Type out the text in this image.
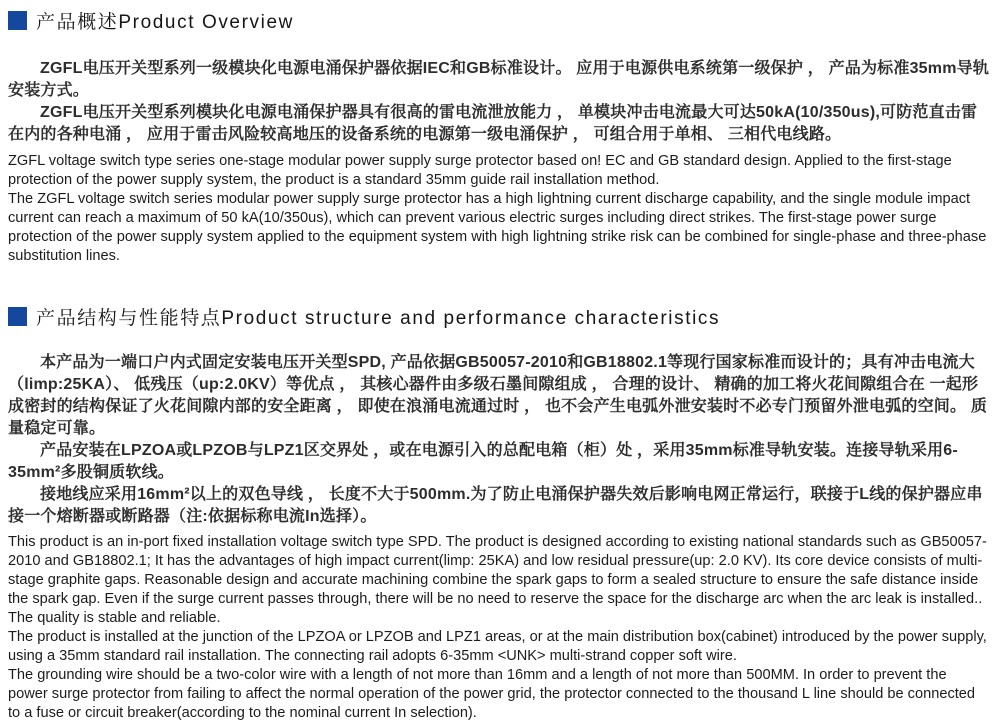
产品概述Product Overview

ZGFL电压开关型系列一级模块化电源电涌保护器依据IEC和GB标准设计。 应用于电源供电系统第一级保护 ， 产品为标准35mm导轨安装方式。

ZGFL电压开关型系列模块化电源电涌保护器具有很高的雷电流泄放能力 ， 单模块冲击电流最大可达50kA(10/350us),可防范直击雷在内的各种电涌 ， 应用于雷击风险较高地压的设备系统的电源第一级电涌保护 ， 可组合用于单相、 三相代电线路。

ZGFL voltage switch type series one-stage modular power supply surge protector based on! EC and GB standard design. Applied to the first-stage protection of the power supply system, the product is a standard 35mm guide rail installation method.

The ZGFL voltage switch series modular power supply surge protector has a high lightning current discharge capability, and the single module impact current can reach a maximum of 50 kA(10/350us), which can prevent various electric surges including direct strikes. The first-stage power surge protection of the power supply system applied to the equipment system with high lightning strike risk can be combined for single-phase and three-phase substitution lines.

产品结构与性能特点Product structure and performance characteristics

本产品为一端口户内式固定安装电压开关型SPD, 产品依据GB50057-2010和GB18802.1等现行国家标准而设计的；具有冲击电流大（limp:25KA）、 低残压（up:2.0KV）等优点 ， 其核心器件由多级石墨间隙组成 ， 合理的设计、 精确的加工将火花间隙组合在 一起形成密封的结构保证了火花间隙内部的安全距离 ， 即使在浪涌电流通过时 ， 也不会产生电弧外泄安装时不必专门预留外泄电弧的空间。 质量稳定可靠。

产品安装在LPZOA或LPZOB与LPZ1区交界处 ，或在电源引入的总配电箱（柜）处 ，采用35mm标准导轨安装。连接导轨采用6-35mm²多股铜质软线。

接地线应采用16mm²以上的双色导线 ， 长度不大于500mm.为了防止电涌保护器失效后影响电网正常运行，联接于L线的保护器应串接一个熔断器或断路器（注:依据标称电流In选择）。

This product is an in-port fixed installation voltage switch type SPD. The product is designed according to existing national standards such as GB50057-2010 and GB18802.1; It has the advantages of high impact current(limp: 25KA) and low residual pressure(up: 2.0 KV). Its core device consists of multi-stage graphite gaps. Reasonable design and accurate machining combine the spark gaps to form a sealed structure to ensure the safe distance inside the spark gap. Even if the surge current passes through, there will be no need to reserve the space for the discharge arc when the arc leak is installed.. The quality is stable and reliable.

The product is installed at the junction of the LPZOA or LPZOB and LPZ1 areas, or at the main distribution box(cabinet) introduced by the power supply, using a 35mm standard rail installation. The connecting rail adopts 6-35mm <UNK> multi-strand copper soft wire.

The grounding wire should be a two-color wire with a length of not more than 16mm and a length of not more than 500MM. In order to prevent the power surge protector from failing to affect the normal operation of the power grid, the protector connected to the thousand L line should be connected to a fuse or circuit breaker(according to the nominal current In selection).
